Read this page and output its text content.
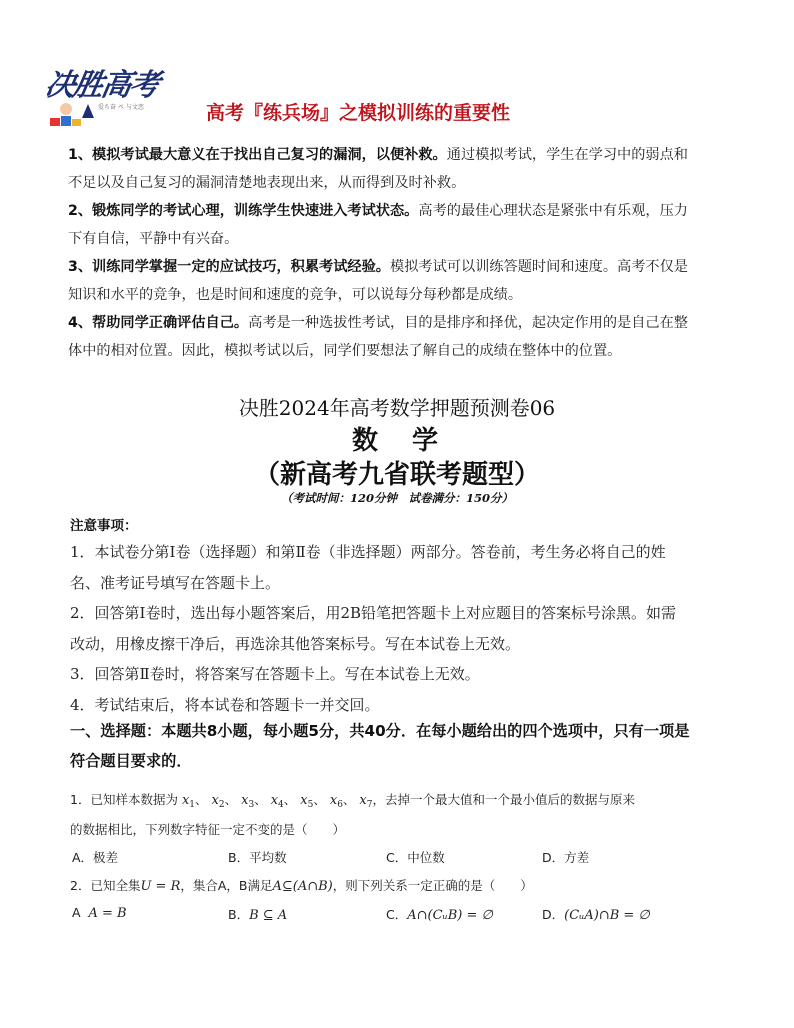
决胜高考
爱ち奋 ペ 与文恋	高考『练兵场』之模拟训练的重要性
1、模拟考试最大意义在于找出自己复习的漏洞，以便补救。通过模拟考试，学生在学习中的弱点和不足以及自己复习的漏洞清楚地表现出来，从而得到及时补救。
2、锻炼同学的考试心理，训练学生快速进入考试状态。高考的最佳心理状态是紧张中有乐观，压力下有自信，平静中有兴奋。
3、训练同学掌握一定的应试技巧，积累考试经验。模拟考试可以训练答题时间和速度。高考不仅是知识和水平的竞争，也是时间和速度的竞争，可以说每分每秒都是成绩。
4、帮助同学正确评估自己。高考是一种选拔性考试，目的是排序和择优，起决定作用的是自己在整体中的相对位置。因此，模拟考试以后，同学们要想法了解自己的成绩在整体中的位置。
决胜2024年高考数学押题预测卷06
数　学
（新高考九省联考题型）
（考试时间：120分钟　试卷满分：150分）
注意事项：

1．本试卷分第Ⅰ卷（选择题）和第Ⅱ卷（非选择题）两部分。答卷前，考生务必将自己的姓名、准考证号填写在答题卡上。

2．回答第Ⅰ卷时，选出每小题答案后，用2B铅笔把答题卡上对应题目的答案标号涂黑。如需改动，用橡皮擦干净后，再选涂其他答案标号。写在本试卷上无效。

3．回答第Ⅱ卷时，将答案写在答题卡上。写在本试卷上无效。

4．考试结束后，将本试卷和答题卡一并交回。

一、选择题：本题共8小题，每小题5分，共40分．在每小题给出的四个选项中，只有一项是符合题目要求的．
1．已知样本数据为 $x_1$、 $x_2$、 $x_3$、 $x_4$、 $x_5$、 $x_6$、 $x_7$，去掉一个最大值和一个最小值后的数据与原来
的数据相比，下列数字特征一定不变的是（　　）
A．极差	B．平均数	C．中位数	D．方差
2．已知全集U = R，集合A，B满足A⊆(A∩B)，则下列关系一定正确的是（　　）
A A = B	B．B ⊆ A	C．A∩(CᵤB) = ∅	D．(CᵤA)∩B = ∅
